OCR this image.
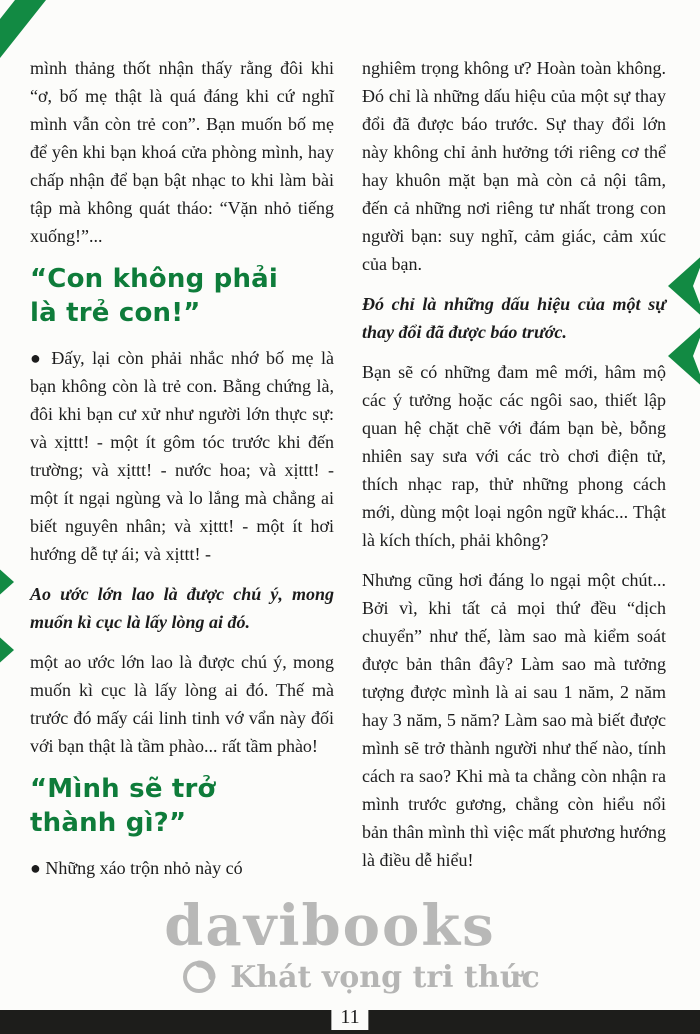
mình thảng thốt nhận thấy rằng đôi khi “ơ, bố mẹ thật là quá đáng khi cứ nghĩ mình vẫn còn trẻ con”. Bạn muốn bố mẹ để yên khi bạn khoá cửa phòng mình, hay chấp nhận để bạn bật nhạc to khi làm bài tập mà không quát tháo: “Vặn nhỏ tiếng xuống!”...

“Con không phải là trẻ con!”

● Đấy, lại còn phải nhắc nhớ bố mẹ là bạn không còn là trẻ con. Bằng chứng là, đôi khi bạn cư xử như người lớn thực sự: và xịttt! - một ít gôm tóc trước khi đến trường; và xịttt! - nước hoa; và xịttt! - một ít ngại ngùng và lo lắng mà chẳng ai biết nguyên nhân; và xịttt! - một ít hơi hướng dễ tự ái; và xịttt! -

Ao ước lớn lao là được chú ý, mong muốn kì cục là lấy lòng ai đó.

một ao ước lớn lao là được chú ý, mong muốn kì cục là lấy lòng ai đó. Thế mà trước đó mấy cái linh tinh vớ vẩn này đối với bạn thật là tầm phào... rất tầm phào!

“Mình sẽ trở thành gì?”

● Những xáo trộn nhỏ này có

nghiêm trọng không ư? Hoàn toàn không. Đó chỉ là những dấu hiệu của một sự thay đổi đã được báo trước. Sự thay đổi lớn này không chỉ ảnh hưởng tới riêng cơ thể hay khuôn mặt bạn mà còn cả nội tâm, đến cả những nơi riêng tư nhất trong con người bạn: suy nghĩ, cảm giác, cảm xúc của bạn.

Đó chỉ là những dấu hiệu của một sự thay đổi đã được báo trước.

Bạn sẽ có những đam mê mới, hâm mộ các ý tưởng hoặc các ngôi sao, thiết lập quan hệ chặt chẽ với đám bạn bè, bỗng nhiên say sưa với các trò chơi điện tử, thích nhạc rap, thử những phong cách mới, dùng một loại ngôn ngữ khác... Thật là kích thích, phải không?

Nhưng cũng hơi đáng lo ngại một chút... Bởi vì, khi tất cả mọi thứ đều “dịch chuyển” như thế, làm sao mà kiểm soát được bản thân đây? Làm sao mà tưởng tượng được mình là ai sau 1 năm, 2 năm hay 3 năm, 5 năm? Làm sao mà biết được mình sẽ trở thành người như thế nào, tính cách ra sao? Khi mà ta chẳng còn nhận ra mình trước gương, chẳng còn hiểu nổi bản thân mình thì việc mất phương hướng là điều dễ hiểu!

davibooks
Khát vọng tri thức
11
